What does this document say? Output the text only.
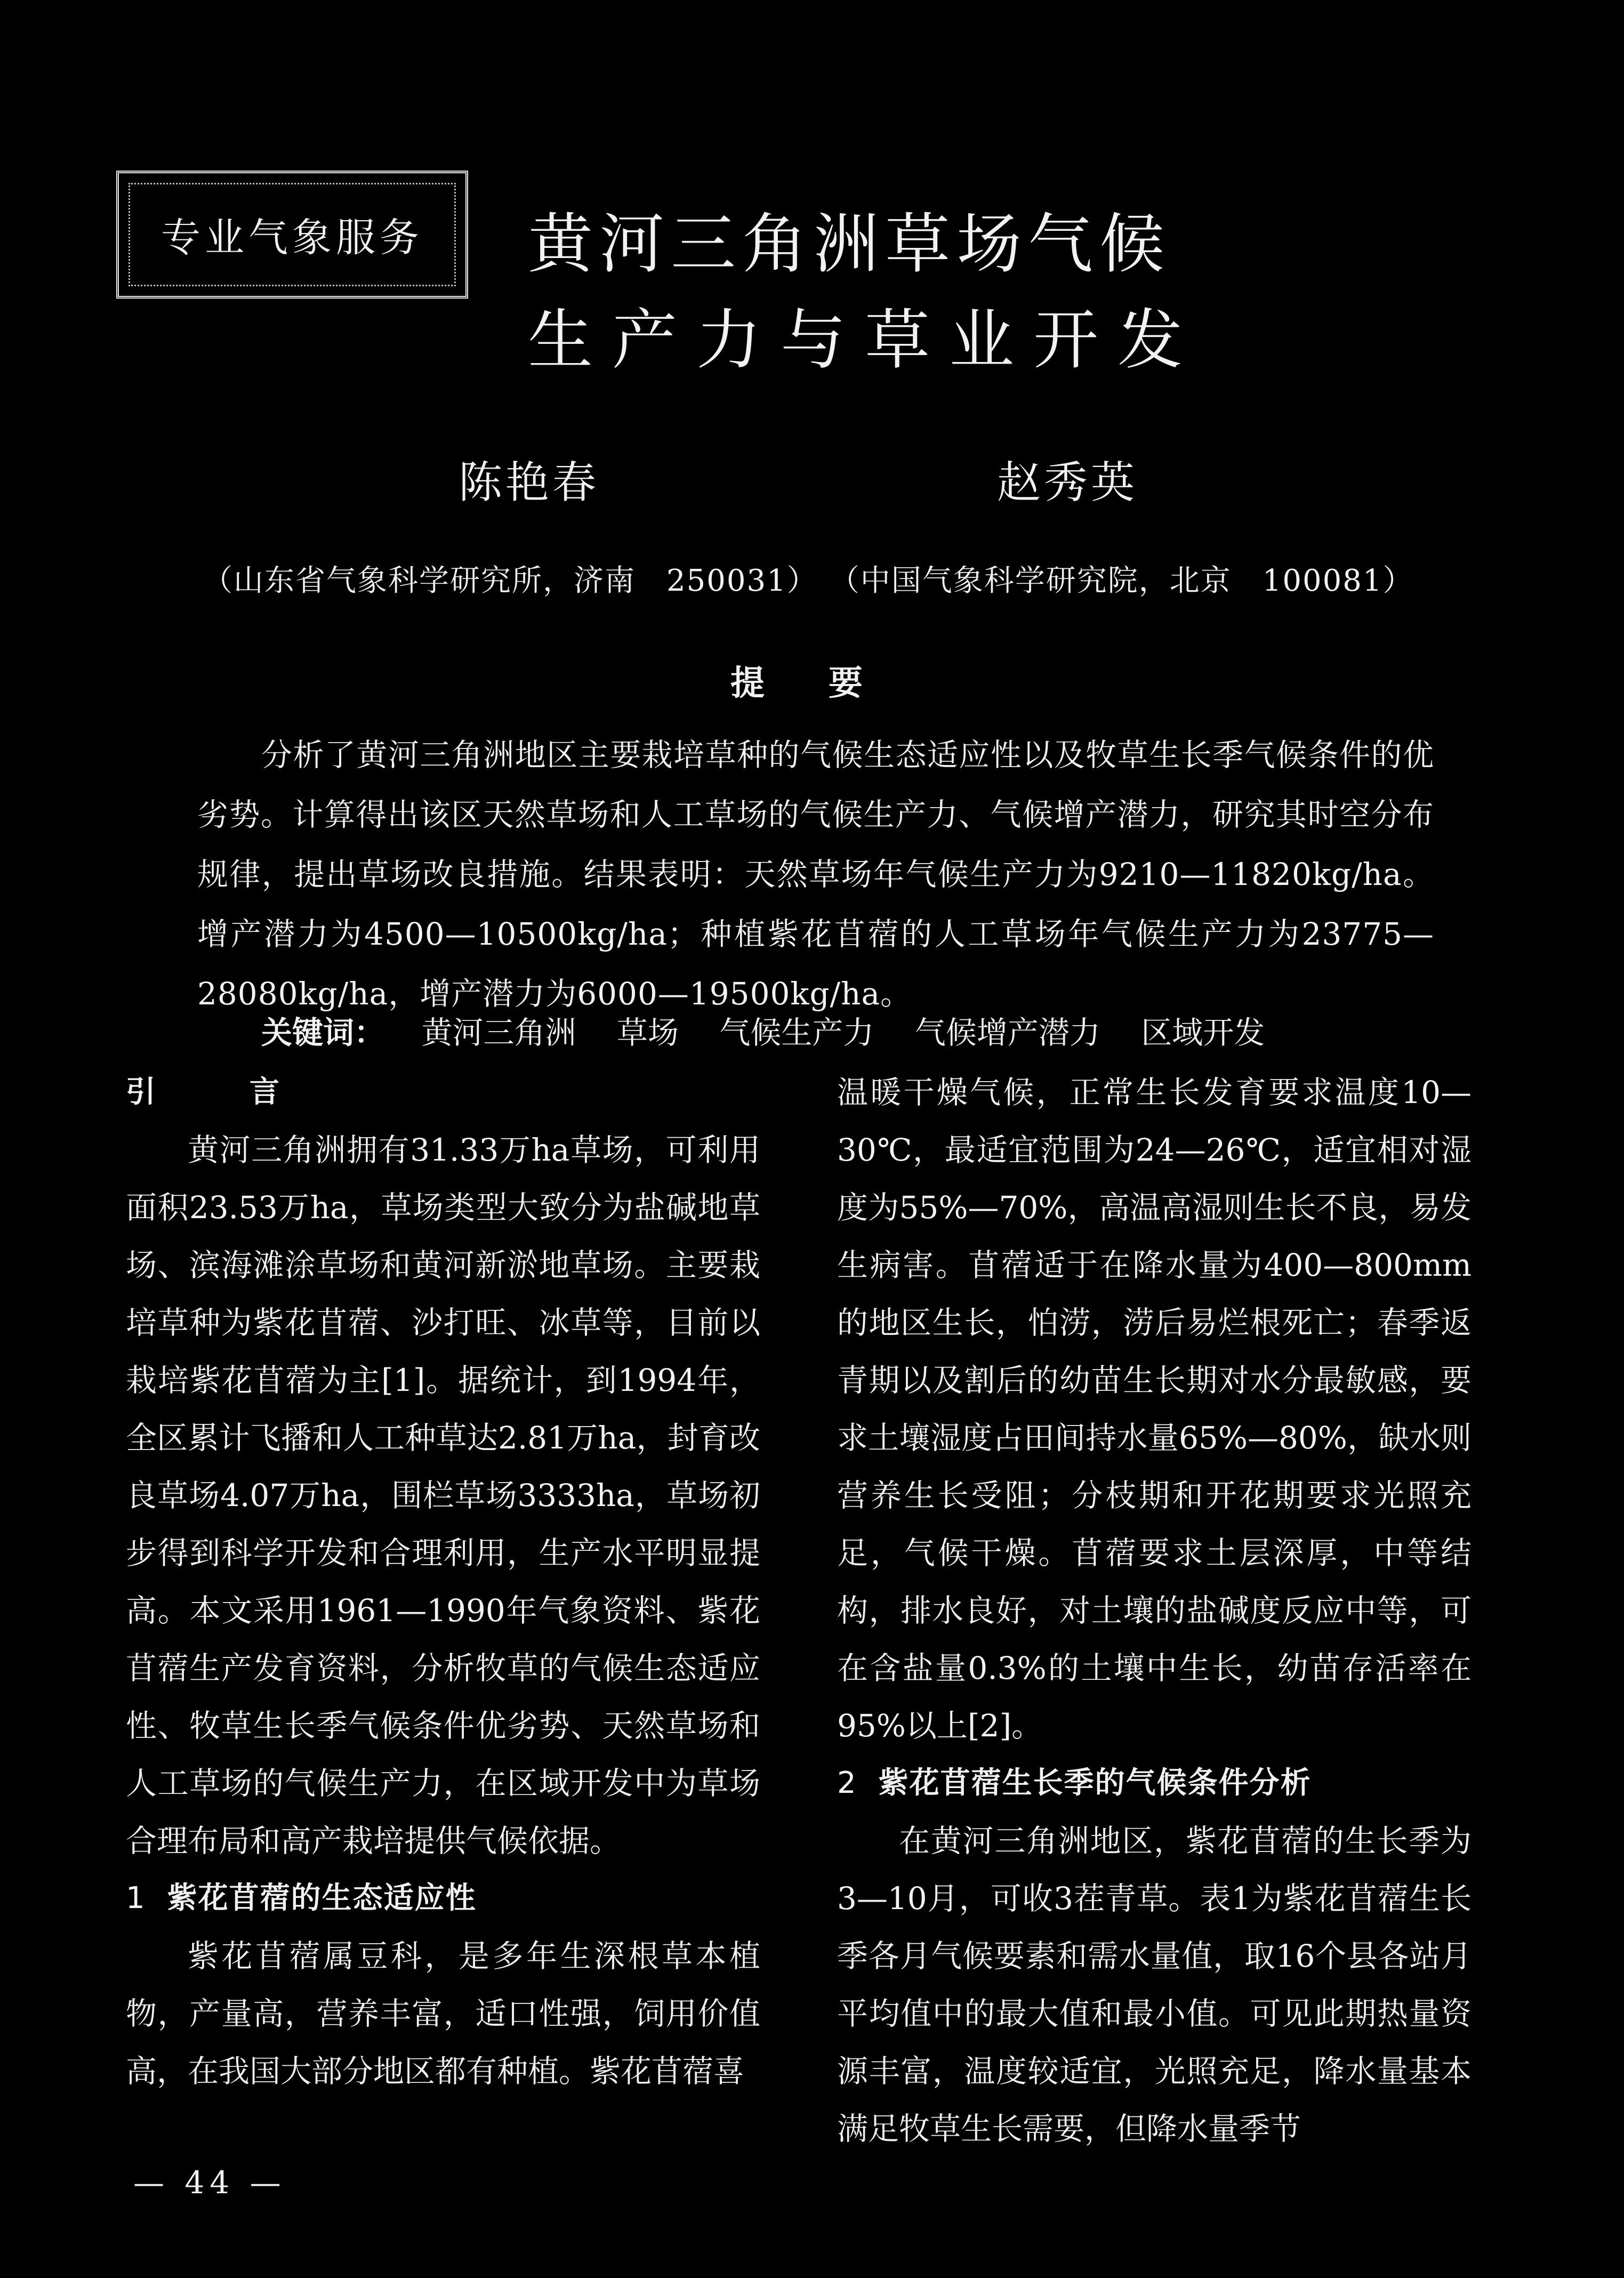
专业气象服务 黄河三角洲草场气候
生产力与草业开发
陈艳春	赵秀英
（山东省气象科学研究所，济南　250031） （中国气象科学研究院，北京　100081）
提要
分析了黄河三角洲地区主要栽培草种的气候生态适应性以及牧草生长季气候条件的优劣势。计算得出该区天然草场和人工草场的气候生产力、气候增产潜力，研究其时空分布规律，提出草场改良措施。结果表明：天然草场年气候生产力为9210—11820kg/ha。增产潜力为4500—10500kg/ha；种植紫花苜蓿的人工草场年气候生产力为23775—28080kg/ha，增产潜力为6000—19500kg/ha。
关键词： 黄河三角洲 草场 气候生产力 气候增产潜力 区域开发
引　言

黄河三角洲拥有31.33万ha草场，可利用面积23.53万ha，草场类型大致分为盐碱地草场、滨海滩涂草场和黄河新淤地草场。主要栽培草种为紫花苜蓿、沙打旺、冰草等，目前以栽培紫花苜蓿为主[1]。据统计，到1994年，全区累计飞播和人工种草达2.81万ha，封育改良草场4.07万ha，围栏草场3333ha，草场初步得到科学开发和合理利用，生产水平明显提高。本文采用1961—1990年气象资料、紫花苜蓿生产发育资料，分析牧草的气候生态适应性、牧草生长季气候条件优劣势、天然草场和人工草场的气候生产力，在区域开发中为草场合理布局和高产栽培提供气候依据。

1 紫花苜蓿的生态适应性

紫花苜蓿属豆科，是多年生深根草本植物，产量高，营养丰富，适口性强，饲用价值高，在我国大部分地区都有种植。紫花苜蓿喜

温暖干燥气候，正常生长发育要求温度10—30℃，最适宜范围为24—26℃，适宜相对湿度为55%—70%，高温高湿则生长不良，易发生病害。苜蓿适于在降水量为400—800mm的地区生长，怕涝，涝后易烂根死亡；春季返青期以及割后的幼苗生长期对水分最敏感，要求土壤湿度占田间持水量65%—80%，缺水则营养生长受阻；分枝期和开花期要求光照充足，气候干燥。苜蓿要求土层深厚，中等结构，排水良好，对土壤的盐碱度反应中等，可在含盐量0.3%的土壤中生长，幼苗存活率在95%以上[2]。

2 紫花苜蓿生长季的气候条件分析

在黄河三角洲地区，紫花苜蓿的生长季为3—10月，可收3茬青草。表1为紫花苜蓿生长季各月气候要素和需水量值，取16个县各站月平均值中的最大值和最小值。可见此期热量资源丰富，温度较适宜，光照充足，降水量基本满足牧草生长需要，但降水量季节

— 44 —
